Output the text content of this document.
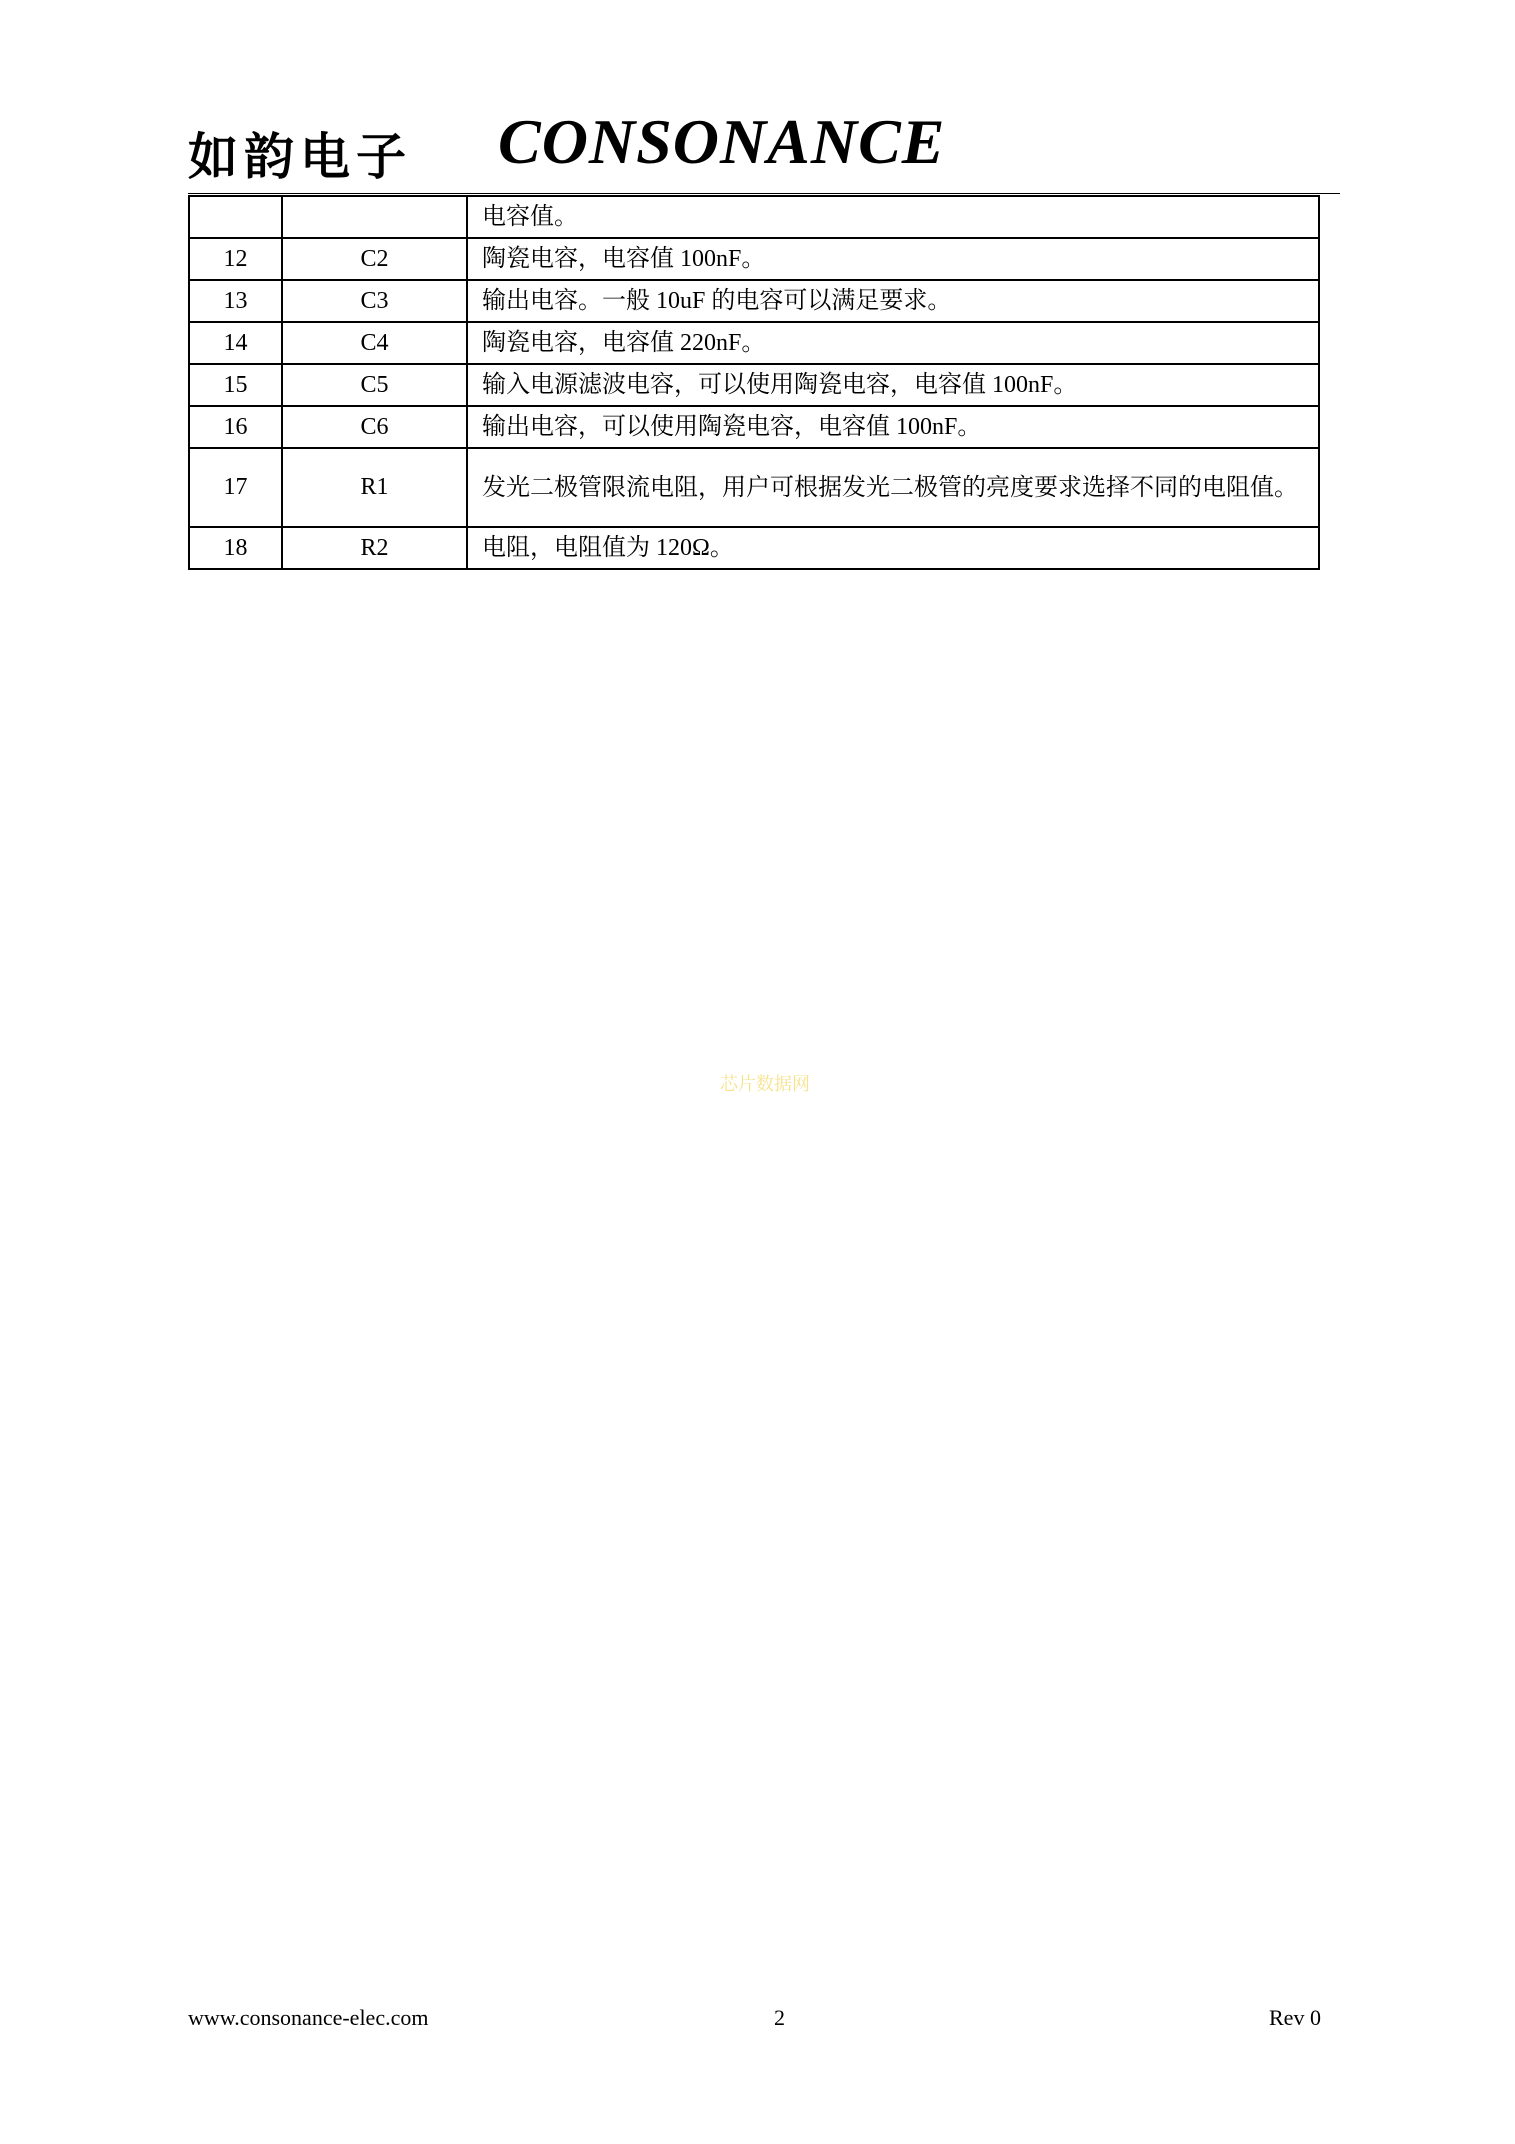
如韵电子 CONSONANCE
		电容值。
12	C2	陶瓷电容，电容值 100nF。
13	C3	输出电容。一般 10uF 的电容可以满足要求。
14	C4	陶瓷电容，电容值 220nF。
15	C5	输入电源滤波电容，可以使用陶瓷电容，电容值 100nF。
16	C6	输出电容，可以使用陶瓷电容，电容值 100nF。
17	R1	发光二极管限流电阻，用户可根据发光二极管的亮度要求选择不同的电阻值。
18	R2	电阻，电阻值为 120Ω。
芯片数据网
www.consonance-elec.com	2	Rev 0
